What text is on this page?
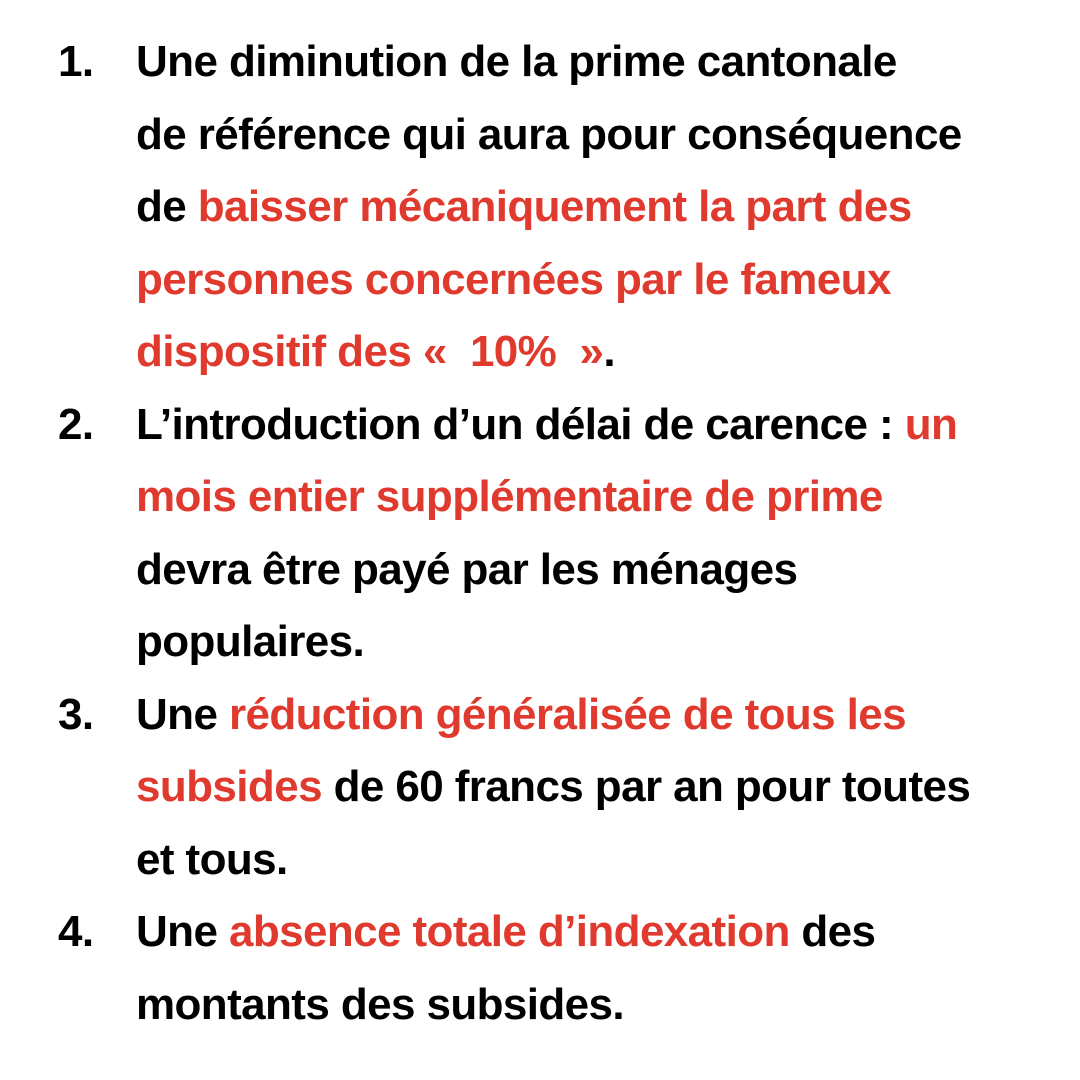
1. Une diminution de la prime cantonale
de référence qui aura pour conséquence
de baisser mécaniquement la part des
personnes concernées par le fameux
dispositif des «  10%  ».
2. L’introduction d’un délai de carence : un
mois entier supplémentaire de prime
devra être payé par les ménages
populaires.
3. Une réduction généralisée de tous les
subsides de 60 francs par an pour toutes
et tous.
4. Une absence totale d’indexation des
montants des subsides.
